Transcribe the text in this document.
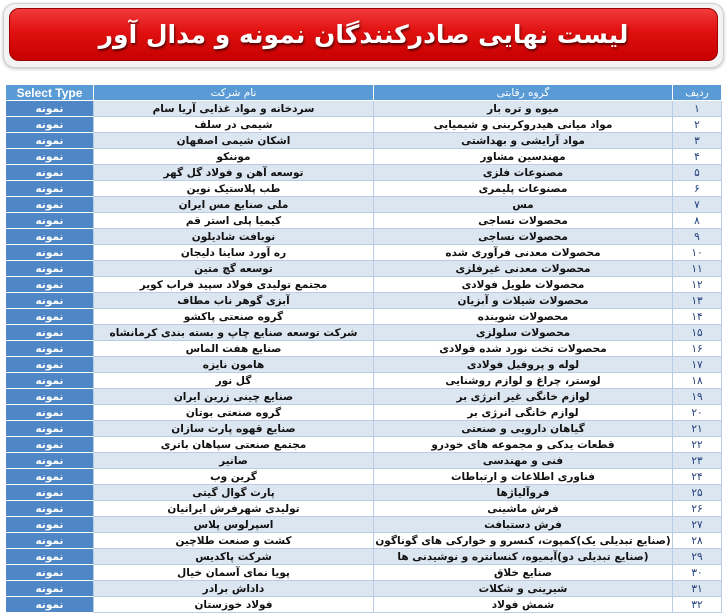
لیست نهایی صادرکنندگان نمونه و مدال آور
ردیف	گروه رقابتی	نام شرکت	Select Type
۱	میوه و تره بار	سردخانه و مواد غذایی آریا سام	نمونه
۲	مواد میانی هیدروکربنی و شیمیایی	شیمی در سلف	نمونه
۳	مواد آرایشی و بهداشتی	اشکان شیمی اصفهان	نمونه
۴	مهندسین مشاور	موننکو	نمونه
۵	مصنوعات فلزی	توسعه آهن و فولاد گل گهر	نمونه
۶	مصنوعات پلیمری	طب پلاستیک نوین	نمونه
۷	مس	ملی صنایع مس ایران	نمونه
۸	محصولات نساجی	کیمیا پلی استر قم	نمونه
۹	محصولات نساجی	نوبافت شادیلون	نمونه
۱۰	محصولات معدنی فرآوری شده	ره آورد ساینا دلیجان	نمونه
۱۱	محصولات معدنی غیرفلزی	توسعه گچ متین	نمونه
۱۲	محصولات طویل فولادی	مجتمع تولیدی فولاد سپید فراب کویر	نمونه
۱۳	محصولات شیلات و آبزیان	آبزی گوهر ناب مطاف	نمونه
۱۴	محصولات شوینده	گروه صنعتی پاکشو	نمونه
۱۵	محصولات سلولزی	شرکت توسعه صنایع چاپ و بسته بندی کرمانشاه	نمونه
۱۶	محصولات تخت نورد شده فولادی	صنایع هفت الماس	نمونه
۱۷	لوله و پروفیل فولادی	هامون نایزه	نمونه
۱۸	لوستر، چراغ و لوازم روشنایی	گل نور	نمونه
۱۹	لوازم خانگی غیر انرژی بر	صنایع چینی زرین ایران	نمونه
۲۰	لوازم خانگی انرژی بر	گروه صنعتی بوتان	نمونه
۲۱	گیاهان دارویی و صنعتی	صنایع قهوه پارت سازان	نمونه
۲۲	قطعات یدکی و مجموعه های خودرو	مجتمع صنعتی سپاهان باتری	نمونه
۲۳	فنی و مهندسی	صانیر	نمونه
۲۴	فناوری اطلاعات و ارتباطات	گرین وب	نمونه
۲۵	فروآلیاژها	پارت گوال گیتی	نمونه
۲۶	فرش ماشینی	تولیدی شهرفرش ایرانیان	نمونه
۲۷	فرش دستبافت	اسپرلوس پلاس	نمونه
۲۸	(صنایع تبدیلی یک)کمپوت، کنسرو و خوارکی های گوناگون	کشت و صنعت طلاچین	نمونه
۲۹	(صنایع تبدیلی دو)آبمیوه، کنسانتره و نوشیدنی ها	شرکت پاکدیس	نمونه
۳۰	صنایع خلاق	پویا نمای آسمان خیال	نمونه
۳۱	شیرینی و شکلات	داداش برادر	نمونه
۳۲	شمش فولاد	فولاد خوزستان	نمونه
